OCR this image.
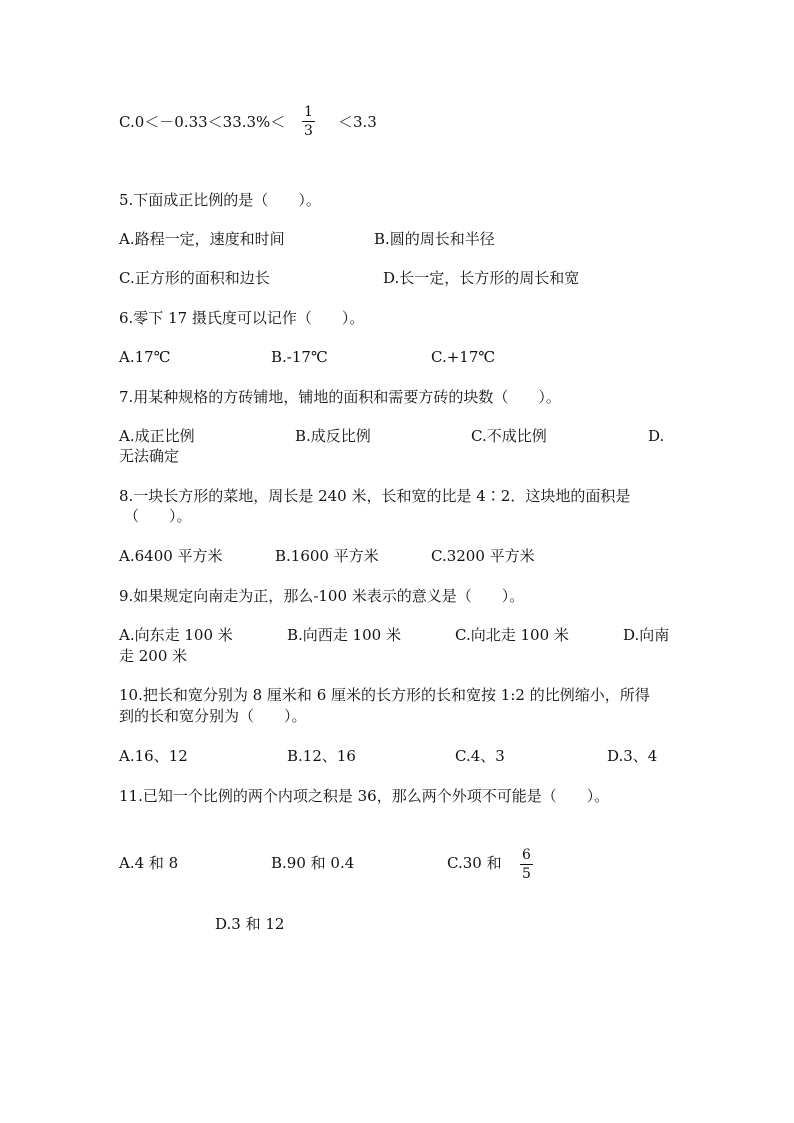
C.0＜－0.33＜33.3%＜
1
3 ＜3.3
5.下面成正比例的是（　　）。
A.路程一定，速度和时间	B.圆的周长和半径
C.正方形的面积和边长	D.长一定，长方形的周长和宽
6.零下 17 摄氏度可以记作（　　）。
A.17℃	B.-17℃	C.+17℃
7.用某种规格的方砖铺地，铺地的面积和需要方砖的块数（　　）。
A.成正比例	B.成反比例	C.不成比例	D.
无法确定
8.一块长方形的菜地，周长是 240 米，长和宽的比是 4∶2．这块地的面积是
（　　）。
A.6400 平方米	B.1600 平方米	C.3200 平方米
9.如果规定向南走为正，那么-100 米表示的意义是（　　）。
A.向东走 100 米	B.向西走 100 米	C.向北走 100 米	D.向南
走 200 米
10.把长和宽分别为 8 厘米和 6 厘米的长方形的长和宽按 1:2 的比例缩小，所得
到的长和宽分别为（　　）。
A.16、12	B.12、16	C.4、3	D.3、4
11.已知一个比例的两个内项之积是 36，那么两个外项不可能是（　　）。
A.4 和 8	B.90 和 0.4	C.30 和 6
5
D.3 和 12
